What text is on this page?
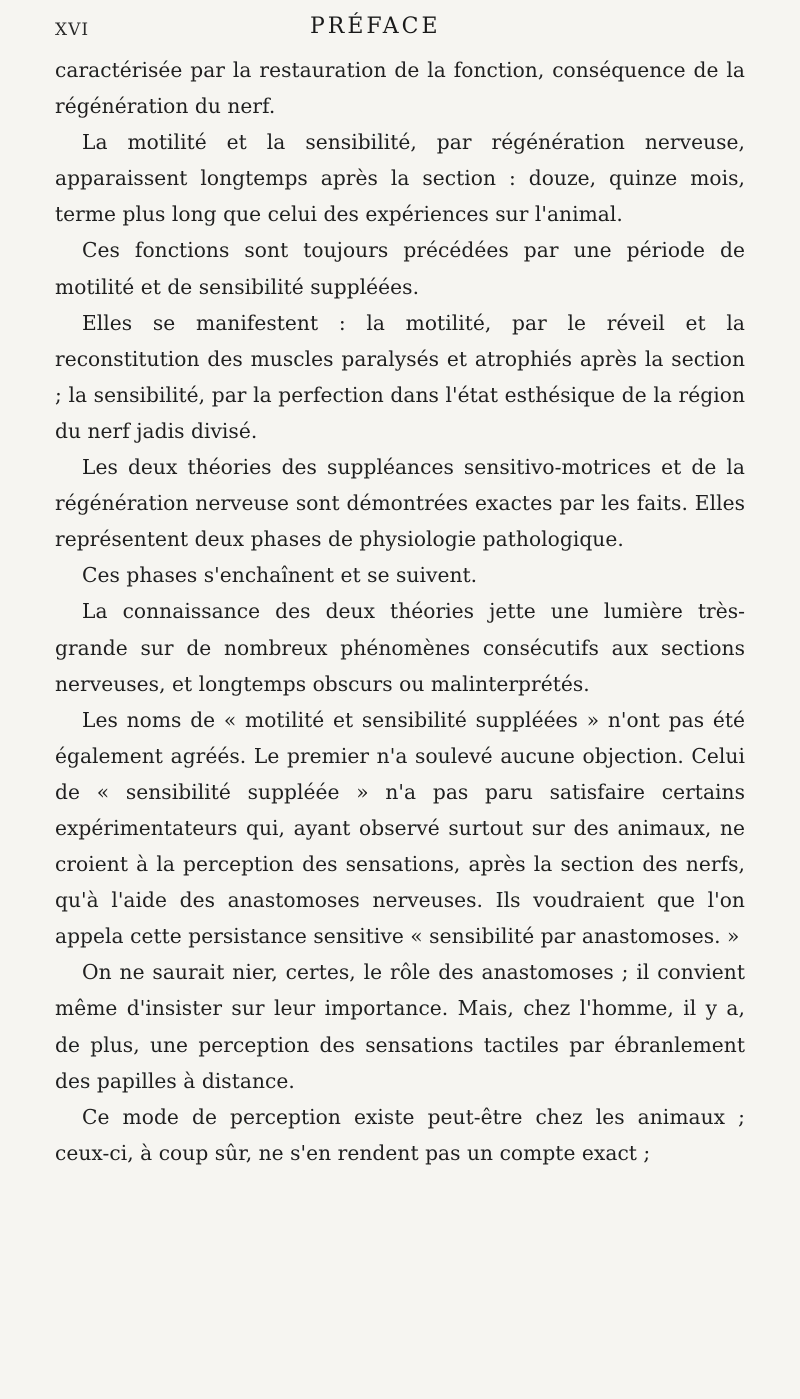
XVI	PRÉFACE

caractérisée par la restauration de la fonction, conséquence de la régénération du nerf.

La motilité et la sensibilité, par régénération nerveuse, apparaissent longtemps après la section : douze, quinze mois, terme plus long que celui des expériences sur l'animal.

Ces fonctions sont toujours précédées par une période de motilité et de sensibilité suppléées.

Elles se manifestent : la motilité, par le réveil et la reconstitution des muscles paralysés et atrophiés après la section ; la sensibilité, par la perfection dans l'état esthésique de la région du nerf jadis divisé.

Les deux théories des suppléances sensitivo-motrices et de la régénération nerveuse sont démontrées exactes par les faits. Elles représentent deux phases de physiologie pathologique.

Ces phases s'enchaînent et se suivent.

La connaissance des deux théories jette une lumière très-grande sur de nombreux phénomènes consécutifs aux sections nerveuses, et longtemps obscurs ou malinterprétés.

Les noms de « motilité et sensibilité suppléées » n'ont pas été également agréés. Le premier n'a soulevé aucune objection. Celui de « sensibilité suppléée » n'a pas paru satisfaire certains expérimentateurs qui, ayant observé surtout sur des animaux, ne croient à la perception des sensations, après la section des nerfs, qu'à l'aide des anastomoses nerveuses. Ils voudraient que l'on appela cette persistance sensitive « sensibilité par anastomoses. »

On ne saurait nier, certes, le rôle des anastomoses ; il convient même d'insister sur leur importance. Mais, chez l'homme, il y a, de plus, une perception des sensations tactiles par ébranlement des papilles à distance.

Ce mode de perception existe peut-être chez les animaux ; ceux-ci, à coup sûr, ne s'en rendent pas un compte exact ;
